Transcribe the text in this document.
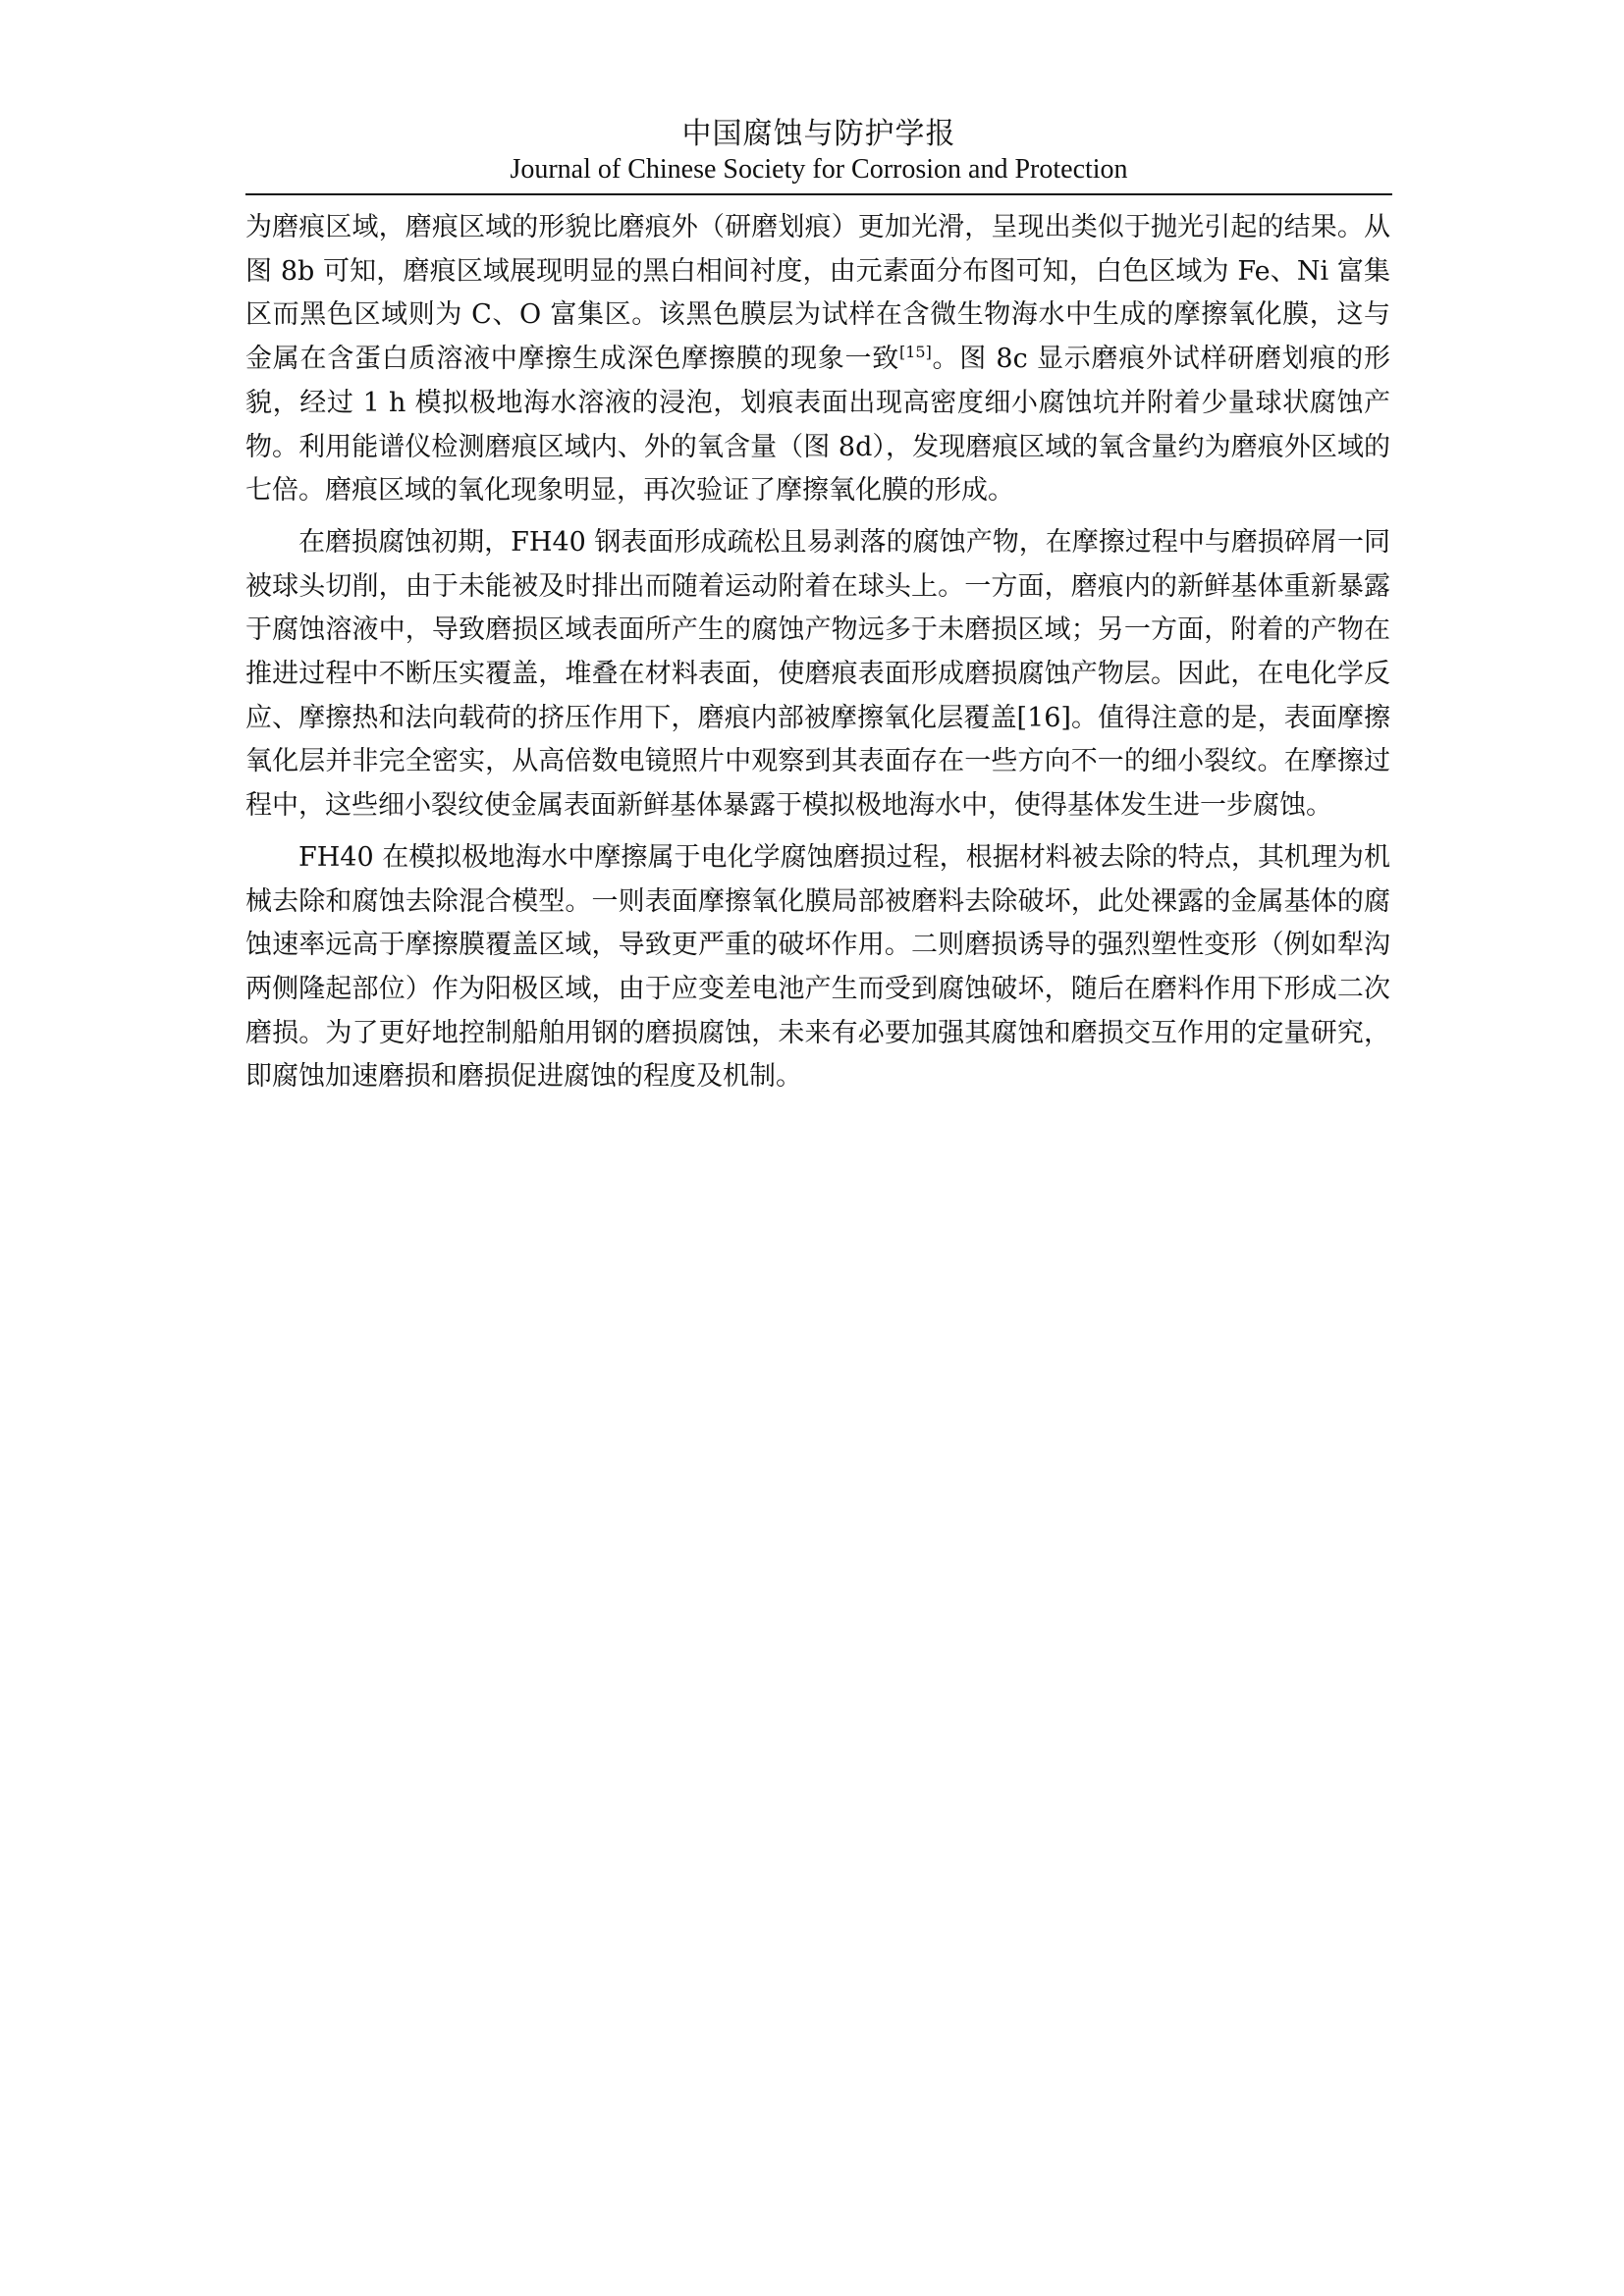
中国腐蚀与防护学报
Journal of Chinese Society for Corrosion and Protection

为磨痕区域，磨痕区域的形貌比磨痕外（研磨划痕）更加光滑，呈现出类似于抛光引起的结果。从图 8b 可知，磨痕区域展现明显的黑白相间衬度，由元素面分布图可知，白色区域为 Fe、Ni 富集区而黑色区域则为 C、O 富集区。该黑色膜层为试样在含微生物海水中生成的摩擦氧化膜，这与金属在含蛋白质溶液中摩擦生成深色摩擦膜的现象一致[15]。图 8c 显示磨痕外试样研磨划痕的形貌，经过 1 h 模拟极地海水溶液的浸泡，划痕表面出现高密度细小腐蚀坑并附着少量球状腐蚀产物。利用能谱仪检测磨痕区域内、外的氧含量（图 8d），发现磨痕区域的氧含量约为磨痕外区域的七倍。磨痕区域的氧化现象明显，再次验证了摩擦氧化膜的形成。

在磨损腐蚀初期，FH40 钢表面形成疏松且易剥落的腐蚀产物，在摩擦过程中与磨损碎屑一同被球头切削，由于未能被及时排出而随着运动附着在球头上。一方面，磨痕内的新鲜基体重新暴露于腐蚀溶液中，导致磨损区域表面所产生的腐蚀产物远多于未磨损区域；另一方面，附着的产物在推进过程中不断压实覆盖，堆叠在材料表面，使磨痕表面形成磨损腐蚀产物层。因此，在电化学反应、摩擦热和法向载荷的挤压作用下，磨痕内部被摩擦氧化层覆盖[16]。值得注意的是，表面摩擦氧化层并非完全密实，从高倍数电镜照片中观察到其表面存在一些方向不一的细小裂纹。在摩擦过程中，这些细小裂纹使金属表面新鲜基体暴露于模拟极地海水中，使得基体发生进一步腐蚀。

FH40 在模拟极地海水中摩擦属于电化学腐蚀磨损过程，根据材料被去除的特点，其机理为机械去除和腐蚀去除混合模型。一则表面摩擦氧化膜局部被磨料去除破坏，此处裸露的金属基体的腐蚀速率远高于摩擦膜覆盖区域，导致更严重的破坏作用。二则磨损诱导的强烈塑性变形（例如犁沟两侧隆起部位）作为阳极区域，由于应变差电池产生而受到腐蚀破坏，随后在磨料作用下形成二次磨损。为了更好地控制船舶用钢的磨损腐蚀，未来有必要加强其腐蚀和磨损交互作用的定量研究，即腐蚀加速磨损和磨损促进腐蚀的程度及机制。
